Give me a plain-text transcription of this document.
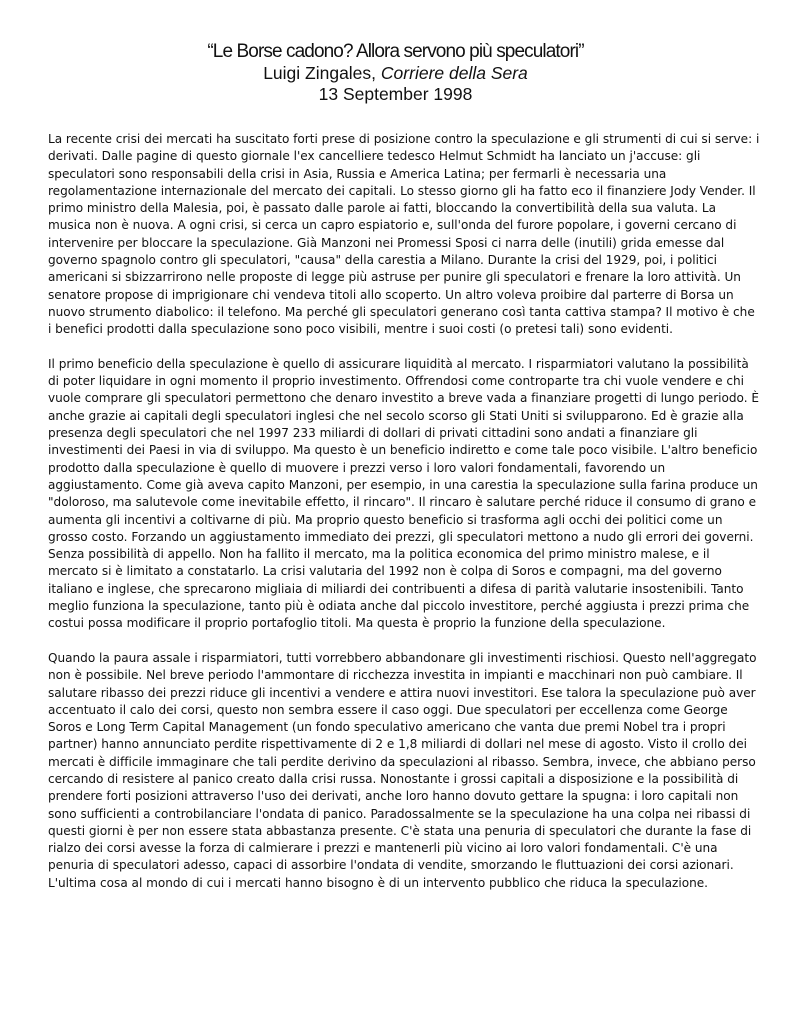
“Le Borse cadono? Allora servono più speculatori”
Luigi Zingales, Corriere della Sera
13 September 1998

La recente crisi dei mercati ha suscitato forti prese di posizione contro la speculazione e gli strumenti di cui si serve: i derivati. Dalle pagine di questo giornale l'ex cancelliere tedesco Helmut Schmidt ha lanciato un j'accuse: gli speculatori sono responsabili della crisi in Asia, Russia e America Latina; per fermarli è necessaria una regolamentazione internazionale del mercato dei capitali. Lo stesso giorno gli ha fatto eco il finanziere Jody Vender. Il primo ministro della Malesia, poi, è passato dalle parole ai fatti, bloccando la convertibilità della sua valuta. La musica non è nuova. A ogni crisi, si cerca un capro espiatorio e, sull'onda del furore popolare, i governi cercano di intervenire per bloccare la speculazione. Già Manzoni nei Promessi Sposi ci narra delle (inutili) grida emesse dal governo spagnolo contro gli speculatori, "causa" della carestia a Milano. Durante la crisi del 1929, poi, i politici americani si sbizzarrirono nelle proposte di legge più astruse per punire gli speculatori e frenare la loro attività. Un senatore propose di imprigionare chi vendeva titoli allo scoperto. Un altro voleva proibire dal parterre di Borsa un nuovo strumento diabolico: il telefono. Ma perché gli speculatori generano così tanta cattiva stampa? Il motivo è che i benefici prodotti dalla speculazione sono poco visibili, mentre i suoi costi (o pretesi tali) sono evidenti.

Il primo beneficio della speculazione è quello di assicurare liquidità al mercato. I risparmiatori valutano la possibilità di poter liquidare in ogni momento il proprio investimento. Offrendosi come controparte tra chi vuole vendere e chi vuole comprare gli speculatori permettono che denaro investito a breve vada a finanziare progetti di lungo periodo. È anche grazie ai capitali degli speculatori inglesi che nel secolo scorso gli Stati Uniti si svilupparono. Ed è grazie alla presenza degli speculatori che nel 1997 233 miliardi di dollari di privati cittadini sono andati a finanziare gli investimenti dei Paesi in via di sviluppo. Ma questo è un beneficio indiretto e come tale poco visibile. L'altro beneficio prodotto dalla speculazione è quello di muovere i prezzi verso i loro valori fondamentali, favorendo un aggiustamento. Come già aveva capito Manzoni, per esempio, in una carestia la speculazione sulla farina produce un "doloroso, ma salutevole come inevitabile effetto, il rincaro". Il rincaro è salutare perché riduce il consumo di grano e aumenta gli incentivi a coltivarne di più. Ma proprio questo beneficio si trasforma agli occhi dei politici come un grosso costo. Forzando un aggiustamento immediato dei prezzi, gli speculatori mettono a nudo gli errori dei governi. Senza possibilità di appello. Non ha fallito il mercato, ma la politica economica del primo ministro malese, e il mercato si è limitato a constatarlo. La crisi valutaria del 1992 non è colpa di Soros e compagni, ma del governo italiano e inglese, che sprecarono migliaia di miliardi dei contribuenti a difesa di parità valutarie insostenibili. Tanto meglio funziona la speculazione, tanto più è odiata anche dal piccolo investitore, perché aggiusta i prezzi prima che costui possa modificare il proprio portafoglio titoli. Ma questa è proprio la funzione della speculazione.

Quando la paura assale i risparmiatori, tutti vorrebbero abbandonare gli investimenti rischiosi. Questo nell'aggregato non è possibile. Nel breve periodo l'ammontare di ricchezza investita in impianti e macchinari non può cambiare. Il salutare ribasso dei prezzi riduce gli incentivi a vendere e attira nuovi investitori. Ese talora la speculazione può aver accentuato il calo dei corsi, questo non sembra essere il caso oggi. Due speculatori per eccellenza come George Soros e Long Term Capital Management (un fondo speculativo americano che vanta due premi Nobel tra i propri partner) hanno annunciato perdite rispettivamente di 2 e 1,8 miliardi di dollari nel mese di agosto. Visto il crollo dei mercati è difficile immaginare che tali perdite derivino da speculazioni al ribasso. Sembra, invece, che abbiano perso cercando di resistere al panico creato dalla crisi russa. Nonostante i grossi capitali a disposizione e la possibilità di prendere forti posizioni attraverso l'uso dei derivati, anche loro hanno dovuto gettare la spugna: i loro capitali non sono sufficienti a controbilanciare l'ondata di panico. Paradossalmente se la speculazione ha una colpa nei ribassi di questi giorni è per non essere stata abbastanza presente. C'è stata una penuria di speculatori che durante la fase di rialzo dei corsi avesse la forza di calmierare i prezzi e mantenerli più vicino ai loro valori fondamentali. C'è una penuria di speculatori adesso, capaci di assorbire l'ondata di vendite, smorzando le fluttuazioni dei corsi azionari. L'ultima cosa al mondo di cui i mercati hanno bisogno è di un intervento pubblico che riduca la speculazione.
